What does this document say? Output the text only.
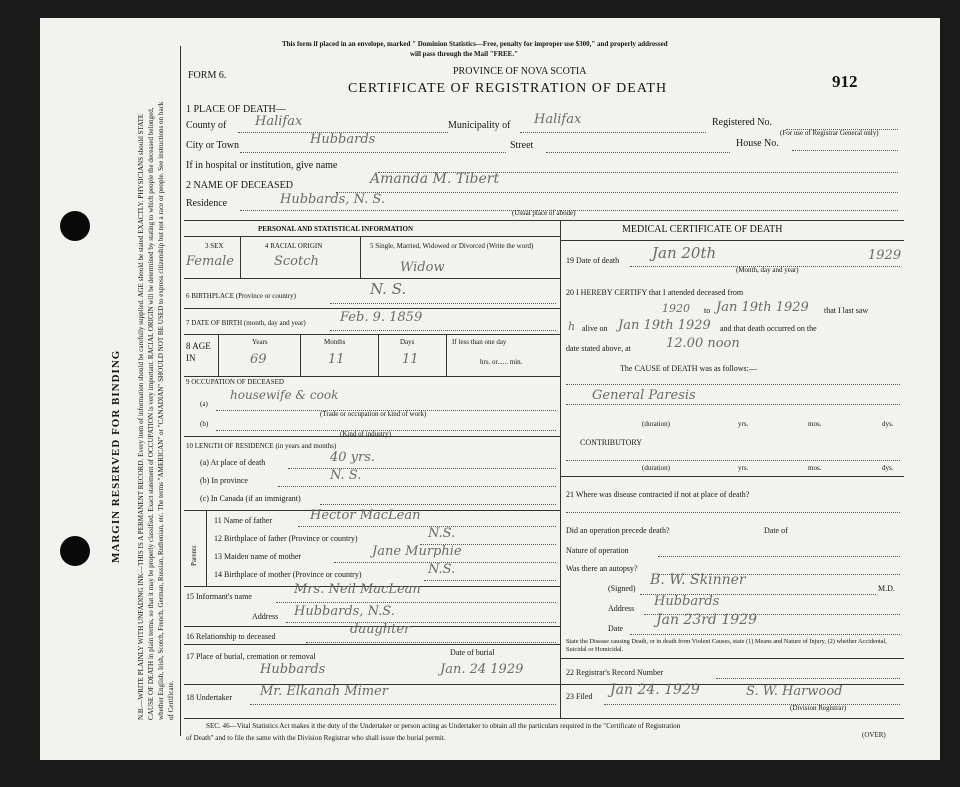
MARGIN RESERVED FOR BINDING N.B.—WRITE PLAINLY WITH UNFADING INK—THIS IS A PERMANENT RECORD. Every item of information should be carefully supplied. AGE should be stated EXACTLY. PHYSICIANS should STATE CAUSE OF DEATH in plain terms, so that it may be properly classified. Exact statement of OCCUPATION is very important. RACIAL ORIGIN will be determined by stating to which people the deceased belonged, whether English, Irish, Scotch, French, German, Russian, Ruthenian, etc. The terms "AMERICAN" or "CANADIAN" SHOULD NOT BE USED to express citizenship but not a race or people. See instructions on back of Certificate.
This form if placed in an envelope, marked " Dominion Statistics—Free, penalty for improper use $300," and properly addressed
will pass through the Mail "FREE."
FORM 6.	PROVINCE OF NOVA SCOTIA
CERTIFICATE OF REGISTRATION OF DEATH	912
1 PLACE OF DEATH—
County of Halifax	Municipality of Halifax	Registered No.
(For use of Registrar General only)
City or Town	Hubbards	Street	House No.
If in hospital or institution, give name
2 NAME OF DECEASED	Amanda M. Tibert
Residence	Hubbards, N. S.
(Usual place of abode)
PERSONAL AND STATISTICAL INFORMATION
3 SEX
Female
4 RACIAL ORIGIN
Scotch
5 Single, Married, Widowed or Divorced (Write the word)
Widow
6 BIRTHPLACE (Province or country)	N. S.
7 DATE OF BIRTH (month, day and year)	Feb. 9. 1859
8 AGE IN
Years
69
Months
11
Days
11
If less than one day
hrs. or...... min.
9 OCCUPATION OF DECEASED
(a)
housewife & cook
(Trade or occupation or kind of work)
(b)
(Kind of industry)
10 LENGTH OF RESIDENCE (in years and months)
(a) At place of death	40 yrs.
(b) In province	N. S.
(c) In Canada (if an immigrant)
Parents
11 Name of father	Hector MacLean
12 Birthplace of father (Province or country)	N.S.
13 Maiden name of mother	Jane Murphie
14 Birthplace of mother (Province or country)	N.S.
15 Informant's name	Mrs. Neil MacLean
Address Hubbards, N.S.
16 Relationship to deceased	daughter
17 Place of burial, cremation or removal
Hubbards
Date of burial
Jan. 24 1929
18 Undertaker Mr. Elkanah Mimer
MEDICAL CERTIFICATE OF DEATH
19 Date of death Jan 20th	1929
(Month, day and year)
20 I HEREBY CERTIFY that I attended deceased from
1920 to Jan 19th 1929 that I last saw
h alive on Jan 19th 1929 and that death occurred on the
date stated above, at	12.00 noon
The CAUSE of DEATH was as follows:—
General Paresis
(duration)	yrs.	mos.	dys.
CONTRIBUTORY
(duration)	yrs.	mos.	dys.
21 Where was disease contracted if not at place of death?
Did an operation precede death?	Date of
Nature of operation
Was there an autopsy?
(Signed)
B. W. Skinner
M.D.
Address Hubbards
Date
Jan 23rd 1929
State the Disease causing Death, or in death from Violent Causes, state (1) Means and Nature of Injury, (2) whether Accidental, Suicidal or Homicidal.
22 Registrar's Record Number
23 Filed Jan 24. 1929	S. W. Harwood
(Division Registrar)
SEC. 46—Vital Statistics Act makes it the duty of the Undertaker or person acting as Undertaker to obtain all the particulars required in the "Certificate of Registration
of Death" and to file the same with the Division Registrar who shall issue the burial permit.	(OVER)
